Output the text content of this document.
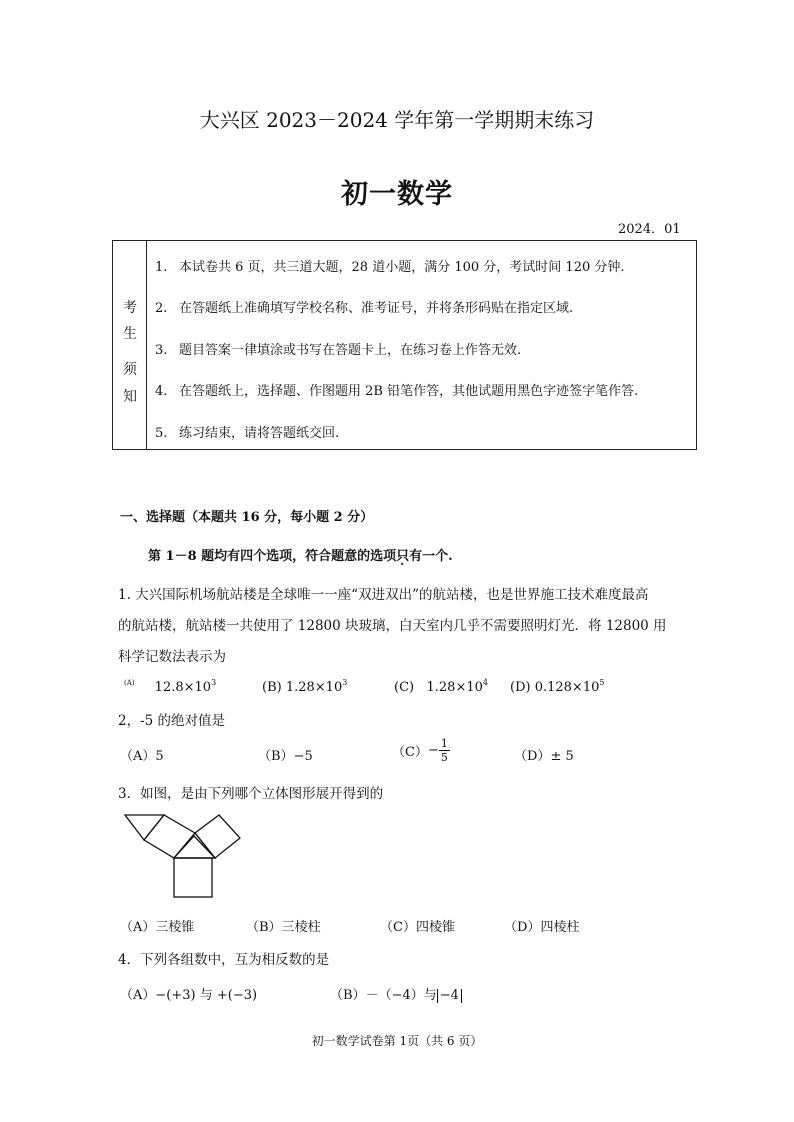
大兴区 2023－2024 学年第一学期期末练习
初一数学
2024．01
考
生
须
知
1. 本试卷共 6 页，共三道大题，28 道小题，满分 100 分，考试时间 120 分钟.
2. 在答题纸上准确填写学校名称、准考证号，并将条形码贴在指定区域.
3. 题目答案一律填涂或书写在答题卡上，在练习卷上作答无效.
4. 在答题纸上，选择题、作图题用 2B 铅笔作答，其他试题用黑色字迹签字笔作答.
5. 练习结束，请将答题纸交回.
一、选择题（本题共 16 分，每小题 2 分）
第 1－8 题均有四个选项，符合题意的选项只有一个.
1. 大兴国际机场航站楼是全球唯一一座“双进双出”的航站楼，也是世界施工技术难度最高
的航站楼，航站楼一共使用了 12800 块玻璃，白天室内几乎不需要照明灯光．将 12800 用
科学记数法表示为
$^{(A)}$ $12.8\times 10^3$	(B) $1.28\times 10^3$	(C) $1.28\times 10^4$ (D) $0.128\times 10^5$
2，-5 的绝对值是
（A）5	（B）−5	$(C)- \frac{1}{5}$	（D）± 5
3．如图，是由下列哪个立体图形展开得到的
（A）三棱锥	（B）三棱柱	（C）四棱锥	（D）四棱柱
4．下列各组数中，互为相反数的是
（A）−(+3) 与 +(−3)	（B）－（−4）与 −4
初一数学试卷第 1页（共 6 页）
